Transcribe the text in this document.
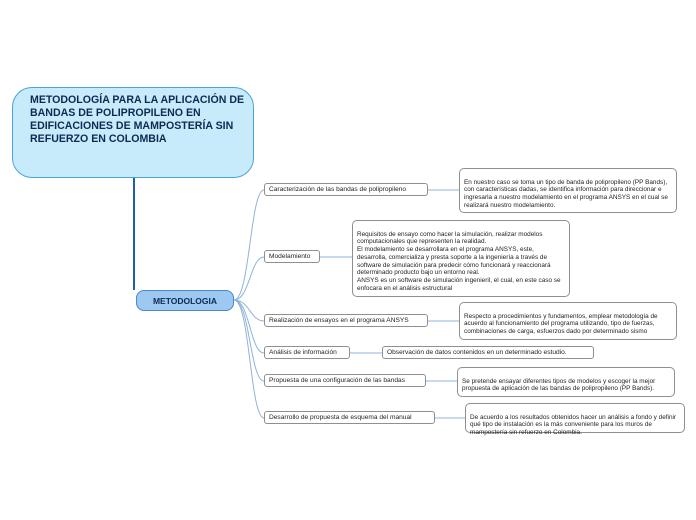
METODOLOGÍA PARA LA APLICACIÓN DE BANDAS DE POLIPROPILENO EN EDIFICACIONES DE MAMPOSTERÍA SIN REFUERZO EN COLOMBIA
METODOLOGIA
Caracterización de las bandas de polipropileno

En nuestro caso se toma un tipo de banda de polipropileno (PP Bands), con características dadas, se identifica información para direccionar e ingresarla a nuestro modelamiento en el programa ANSYS en el cual se realizará nuestro modelamiento.

Modelamiento

Requisitos de ensayo como hacer la simulación, realizar modelos computacionales que representen la realidad.
El modelamiento se desarrollara en el programa ANSYS, este, desarrolla, comercializa y presta soporte a la ingeniería a través de software de simulación para predecir cómo funcionará y reaccionará determinado producto bajo un entorno real.
ANSYS es un software de simulación ingenieril, el cual, en este caso se enfocara en el análisis estructural

Realización de ensayos en el programa ANSYS

Respecto a procedimientos y fundamentos, emplear metodología de acuerdo al funcionamiento del programa utilizando, tipo de fuerzas, combinaciones de carga, esfuerzos dado por determinado sismo

Análisis de información	Observación de datos contenidos en un determinado estudio.
Propuesta de una configuración de las bandas	Se pretende ensayar diferentes tipos de modelos y escoger la mejor propuesta de aplicación de las bandas de polipropileno (PP Bands).

Desarrollo de propuesta de esquema del manual	De acuerdo a los resultados obtenidos hacer un análisis a fondo y definir qué tipo de instalación es la más conveniente para los muros de mampostería sin refuerzo en Colombia.
